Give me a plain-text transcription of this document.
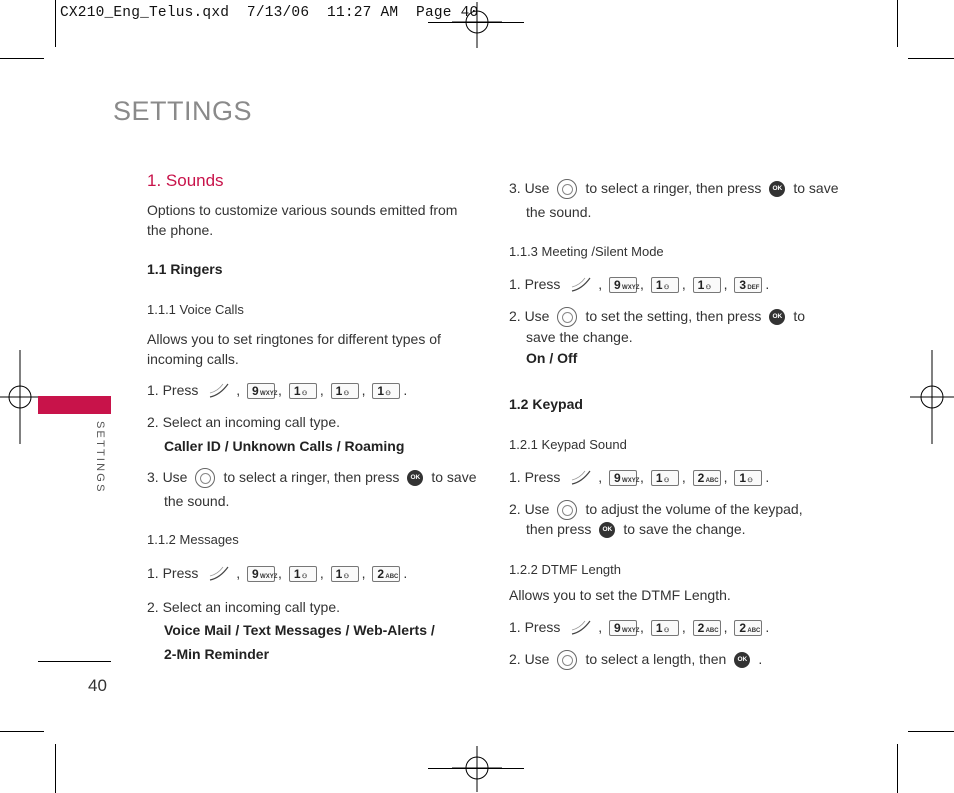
CX210_Eng_Telus.qxd  7/13/06  11:27 AM  Page 40
SETTINGS
SETTINGS
40
1. Sounds
Options to customize various sounds emitted from
the phone.
1.1 Ringers
1.1.1 Voice Calls
Allows you to set ringtones for different types of
incoming calls.
1. Press	, 9 WXYZ , 1 ⚇ , 1 ⚇ , 1 ⚇ .
2. Select an incoming call type.
Caller ID / Unknown Calls / Roaming
3. Use	to select a ringer, then press OK to save
the sound.
1.1.2 Messages
1. Press	, 9 WXYZ , 1 ⚇ , 1 ⚇ , 2 ABC .
2. Select an incoming call type.
Voice Mail / Text Messages / Web-Alerts /
2-Min Reminder
3. Use	to select a ringer, then press OK to save
the sound.
1.1.3 Meeting /Silent Mode
1. Press	, 9 WXYZ , 1 ⚇ , 1 ⚇ , 3 DEF .
2. Use	to set the setting, then press OK to
save the change.
On / Off
1.2 Keypad
1.2.1 Keypad Sound
1. Press	, 9 WXYZ , 1 ⚇ , 2 ABC , 1 ⚇ .
2. Use	to adjust the volume of the keypad,
then press OK to save the change.
1.2.2 DTMF Length
Allows you to set the DTMF Length.
1. Press	, 9 WXYZ , 1 ⚇ , 2 ABC , 2 ABC .
2. Use	to select a length, then OK .
